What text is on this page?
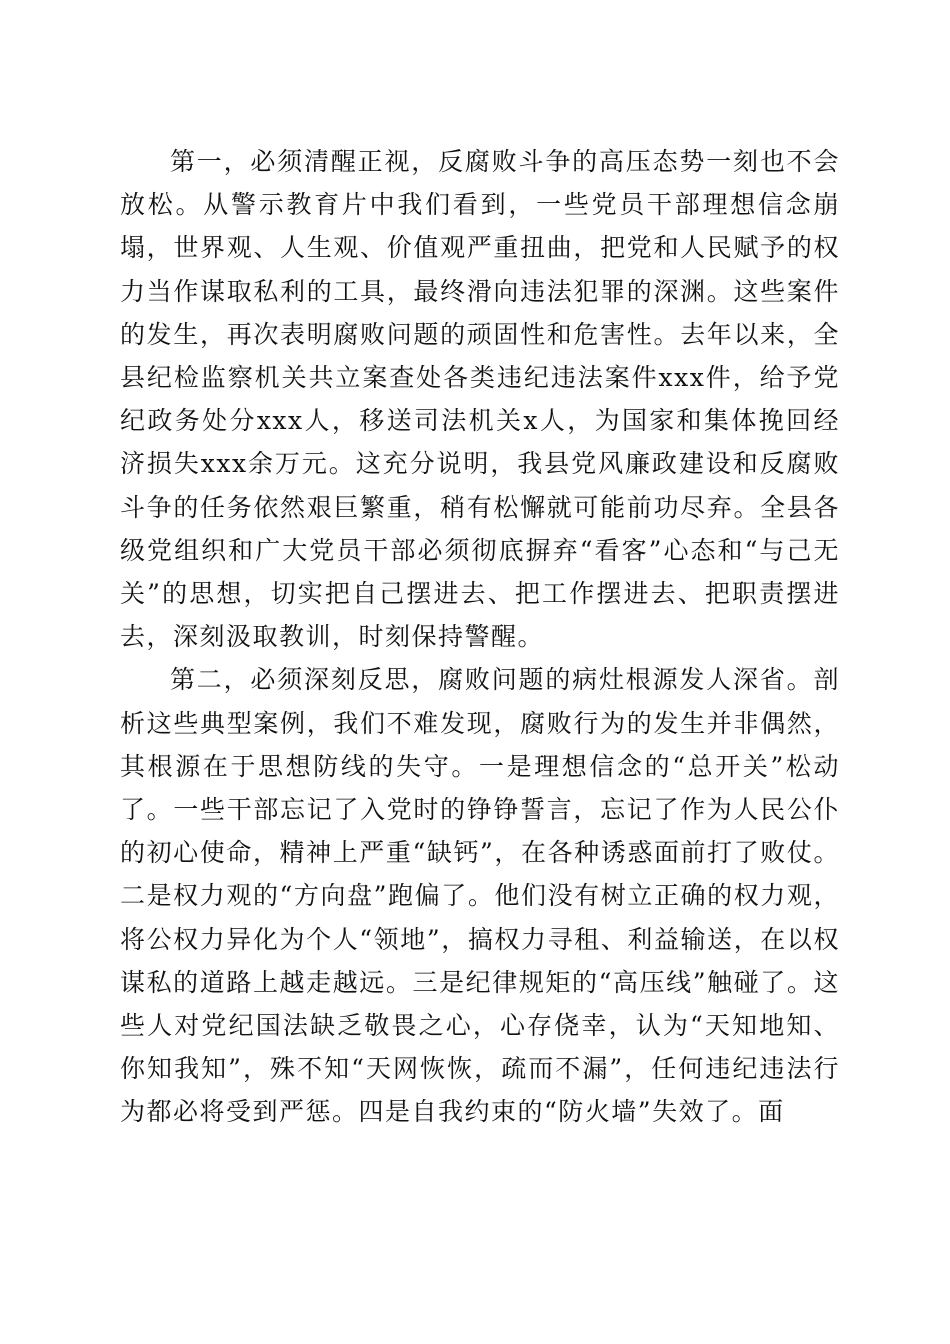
第一，必须清醒正视，反腐败斗争的高压态势一刻也不会放松。从警示教育片中我们看到，一些党员干部理想信念崩塌，世界观、人生观、价值观严重扭曲，把党和人民赋予的权力当作谋取私利的工具，最终滑向违法犯罪的深渊。这些案件的发生，再次表明腐败问题的顽固性和危害性。去年以来，全县纪检监察机关共立案查处各类违纪违法案件xxx件，给予党纪政务处分xxx人，移送司法机关x人，为国家和集体挽回经济损失xxx余万元。这充分说明，我县党风廉政建设和反腐败斗争的任务依然艰巨繁重，稍有松懈就可能前功尽弃。全县各级党组织和广大党员干部必须彻底摒弃“看客”心态和“与己无关”的思想，切实把自己摆进去、把工作摆进去、把职责摆进去，深刻汲取教训，时刻保持警醒。

第二，必须深刻反思，腐败问题的病灶根源发人深省。剖析这些典型案例，我们不难发现，腐败行为的发生并非偶然，其根源在于思想防线的失守。一是理想信念的“总开关”松动了。一些干部忘记了入党时的铮铮誓言，忘记了作为人民公仆的初心使命，精神上严重“缺钙”，在各种诱惑面前打了败仗。二是权力观的“方向盘”跑偏了。他们没有树立正确的权力观，将公权力异化为个人“领地”，搞权力寻租、利益输送，在以权谋私的道路上越走越远。三是纪律规矩的“高压线”触碰了。这些人对党纪国法缺乏敬畏之心，心存侥幸，认为“天知地知、你知我知”，殊不知“天网恢恢，疏而不漏”，任何违纪违法行为都必将受到严惩。四是自我约束的“防火墙”失效了。面
